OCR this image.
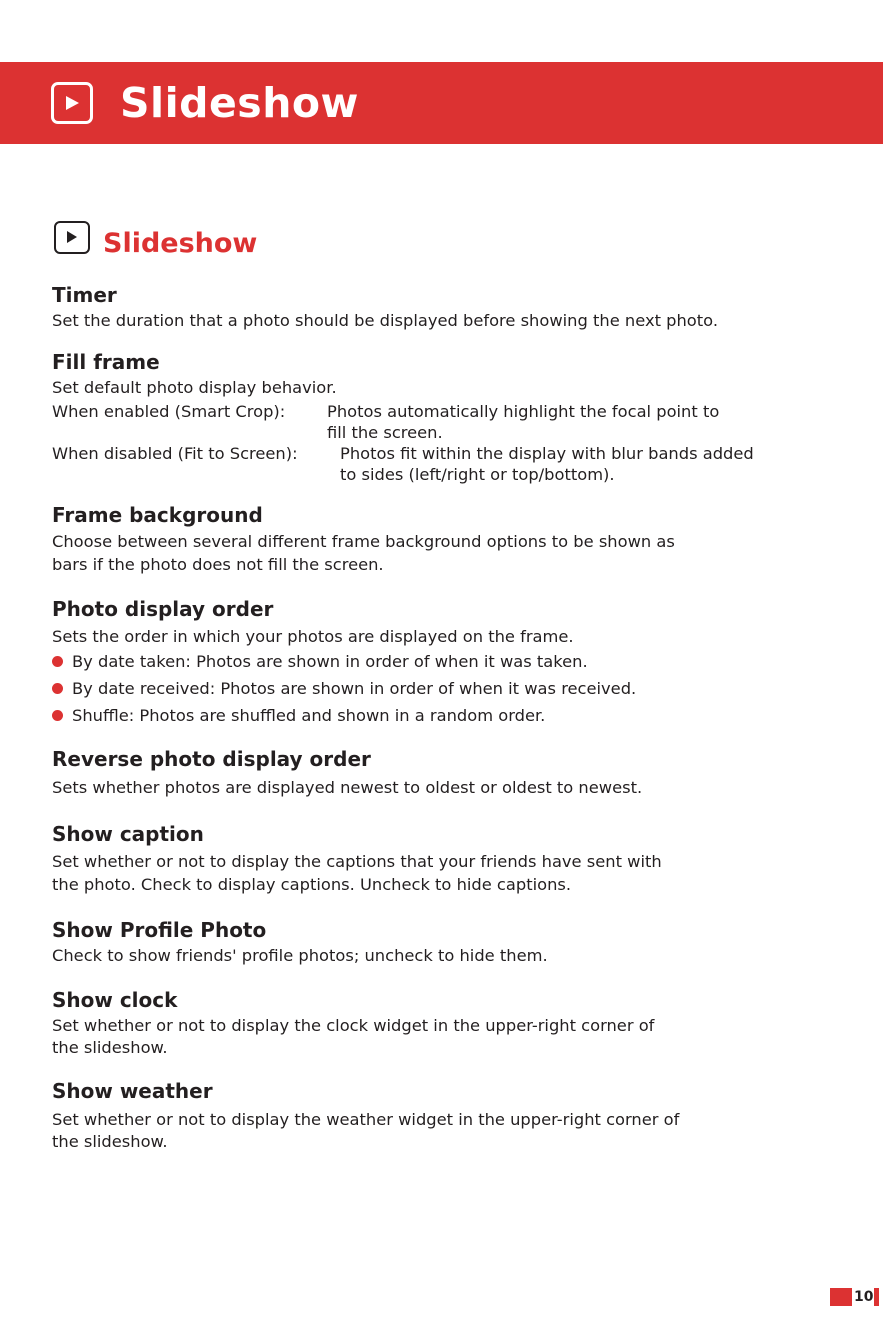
Slideshow
Slideshow
Timer
Set the duration that a photo should be displayed before showing the next photo.
Fill frame
Set default photo display behavior.
When enabled (Smart Crop):	Photos automatically highlight the focal point to
fill the screen.
When disabled (Fit to Screen):	Photos fit within the display with blur bands added
to sides (left/right or top/bottom).
Frame background
Choose between several different frame background options to be shown as
bars if the photo does not fill the screen.
Photo display order
Sets the order in which your photos are displayed on the frame.
By date taken: Photos are shown in order of when it was taken.
By date received: Photos are shown in order of when it was received.
Shuffle: Photos are shuffled and shown in a random order.
Reverse photo display order
Sets whether photos are displayed newest to oldest or oldest to newest.
Show caption
Set whether or not to display the captions that your friends have sent with
the photo. Check to display captions. Uncheck to hide captions.
Show Profile Photo
Check to show friends' profile photos; uncheck to hide them.
Show clock
Set whether or not to display the clock widget in the upper-right corner of
the slideshow.
Show weather
Set whether or not to display the weather widget in the upper-right corner of
the slideshow.
10
